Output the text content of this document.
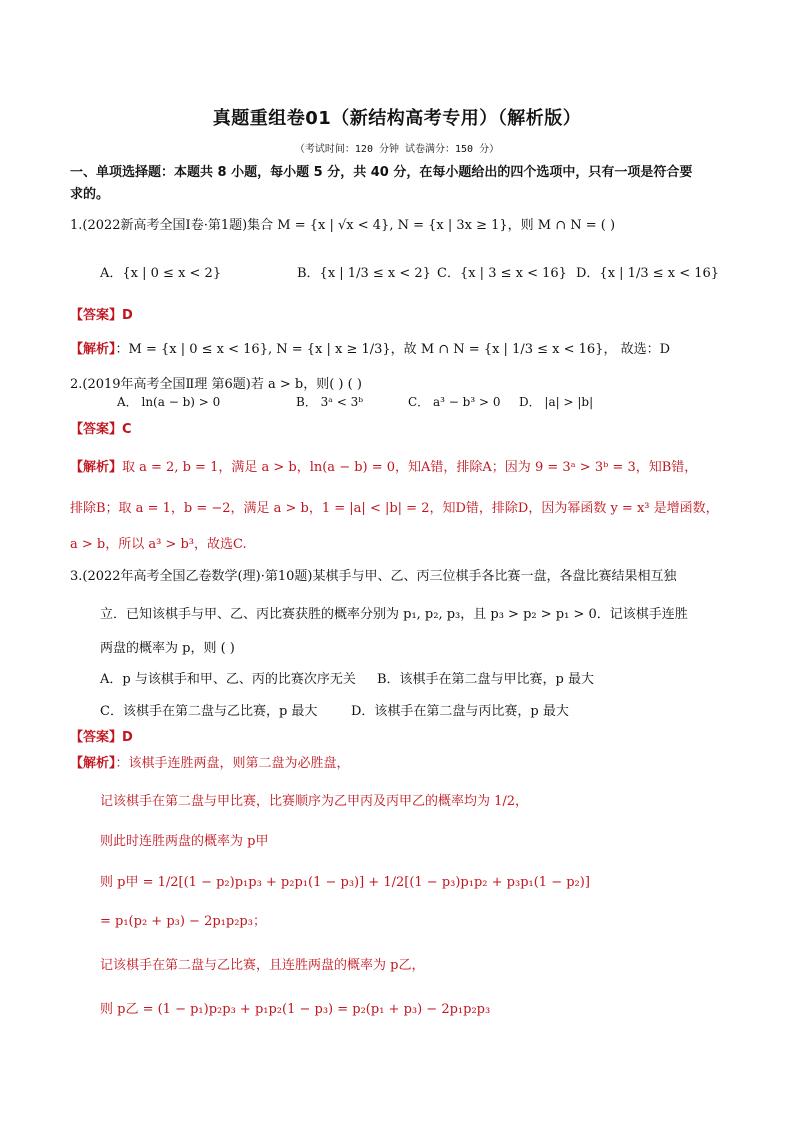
真题重组卷01（新结构高考专用）（解析版）
（考试时间：120 分钟 试卷满分：150 分）
一、单项选择题：本题共 8 小题，每小题 5 分，共 40 分，在每小题给出的四个选项中，只有一项是符合要
求的。
1.(2022新高考全国Ⅰ卷·第1题)集合 M = {x | √x < 4}, N = {x | 3x ≥ 1}，则 M ∩ N = ( )
A．{x | 0 ≤ x < 2}	B．{x | 1/3 ≤ x < 2} C．{x | 3 ≤ x < 16} D．{x | 1/3 ≤ x < 16}
【答案】D
【解析】：M = {x | 0 ≤ x < 16}, N = {x | x ≥ 1/3}，故 M ∩ N = {x | 1/3 ≤ x < 16}， 故选：D
2.(2019年高考全国Ⅱ理 第6题)若 a > b，则( ) ( )
A． ln(a − b) > 0	B． 3ᵃ < 3ᵇ	C． a³ − b³ > 0 D． |a| > |b|
【答案】C
【解析】取 a = 2, b = 1，满足 a > b，ln(a − b) = 0，知A错，排除A；因为 9 = 3ᵃ > 3ᵇ = 3，知B错，
排除B；取 a = 1，b = −2，满足 a > b，1 = |a| < |b| = 2，知D错，排除D，因为幂函数 y = x³ 是增函数，
a > b，所以 a³ > b³，故选C.
3.(2022年高考全国乙卷数学(理)·第10题)某棋手与甲、乙、丙三位棋手各比赛一盘，各盘比赛结果相互独
立．已知该棋手与甲、乙、丙比赛获胜的概率分别为 p₁, p₂, p₃，且 p₃ > p₂ > p₁ > 0．记该棋手连胜
两盘的概率为 p，则 ( )
A．p 与该棋手和甲、乙、丙的比赛次序无关 B．该棋手在第二盘与甲比赛，p 最大
C．该棋手在第二盘与乙比赛，p 最大	D．该棋手在第二盘与丙比赛，p 最大
【答案】D
【解析】：该棋手连胜两盘，则第二盘为必胜盘，
记该棋手在第二盘与甲比赛，比赛顺序为乙甲丙及丙甲乙的概率均为 1/2，
则此时连胜两盘的概率为 p甲
则 p甲 = 1/2[(1 − p₂)p₁p₃ + p₂p₁(1 − p₃)] + 1/2[(1 − p₃)p₁p₂ + p₃p₁(1 − p₂)]
= p₁(p₂ + p₃) − 2p₁p₂p₃；
记该棋手在第二盘与乙比赛，且连胜两盘的概率为 p乙，
则 p乙 = (1 − p₁)p₂p₃ + p₁p₂(1 − p₃) = p₂(p₁ + p₃) − 2p₁p₂p₃
